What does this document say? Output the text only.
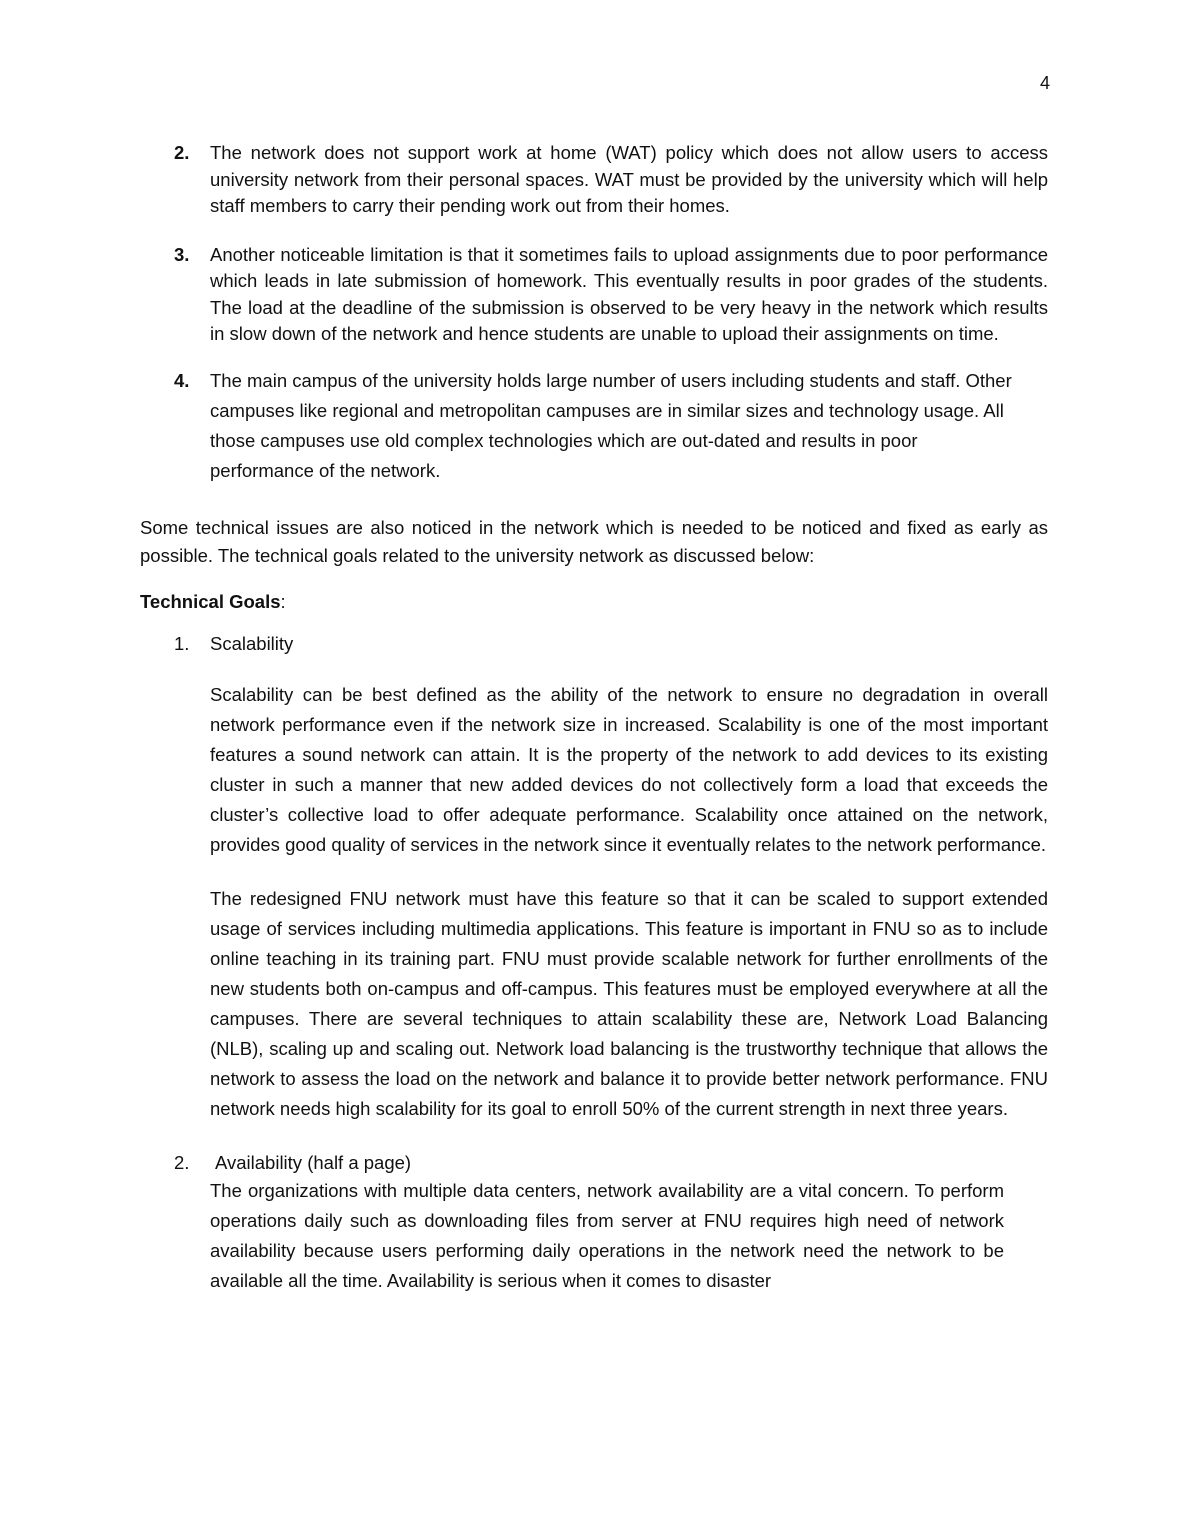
4
2. The network does not support work at home (WAT) policy which does not allow users to access university network from their personal spaces. WAT must be provided by the university which will help staff members to carry their pending work out from their homes.
3. Another noticeable limitation is that it sometimes fails to upload assignments due to poor performance which leads in late submission of homework. This eventually results in poor grades of the students. The load at the deadline of the submission is observed to be very heavy in the network which results in slow down of the network and hence students are unable to upload their assignments on time.
4. The main campus of the university holds large number of users including students and staff. Other campuses like regional and metropolitan campuses are in similar sizes and technology usage. All those campuses use old complex technologies which are out-dated and results in poor performance of the network.

Some technical issues are also noticed in the network which is needed to be noticed and fixed as early as possible. The technical goals related to the university network as discussed below:

Technical Goals:
1. Scalability

Scalability can be best defined as the ability of the network to ensure no degradation in overall network performance even if the network size in increased. Scalability is one of the most important features a sound network can attain. It is the property of the network to add devices to its existing cluster in such a manner that new added devices do not collectively form a load that exceeds the cluster’s collective load to offer adequate performance. Scalability once attained on the network, provides good quality of services in the network since it eventually relates to the network performance.

The redesigned FNU network must have this feature so that it can be scaled to support extended usage of services including multimedia applications. This feature is important in FNU so as to include online teaching in its training part. FNU must provide scalable network for further enrollments of the new students both on-campus and off-campus. This features must be employed everywhere at all the campuses. There are several techniques to attain scalability these are, Network Load Balancing (NLB), scaling up and scaling out. Network load balancing is the trustworthy technique that allows the network to assess the load on the network and balance it to provide better network performance. FNU network needs high scalability for its goal to enroll 50% of the current strength in next three years.

2. Availability (half a page)

The organizations with multiple data centers, network availability are a vital concern. To perform operations daily such as downloading files from server at FNU requires high need of network availability because users performing daily operations in the network need the network to be available all the time. Availability is serious when it comes to disaster
